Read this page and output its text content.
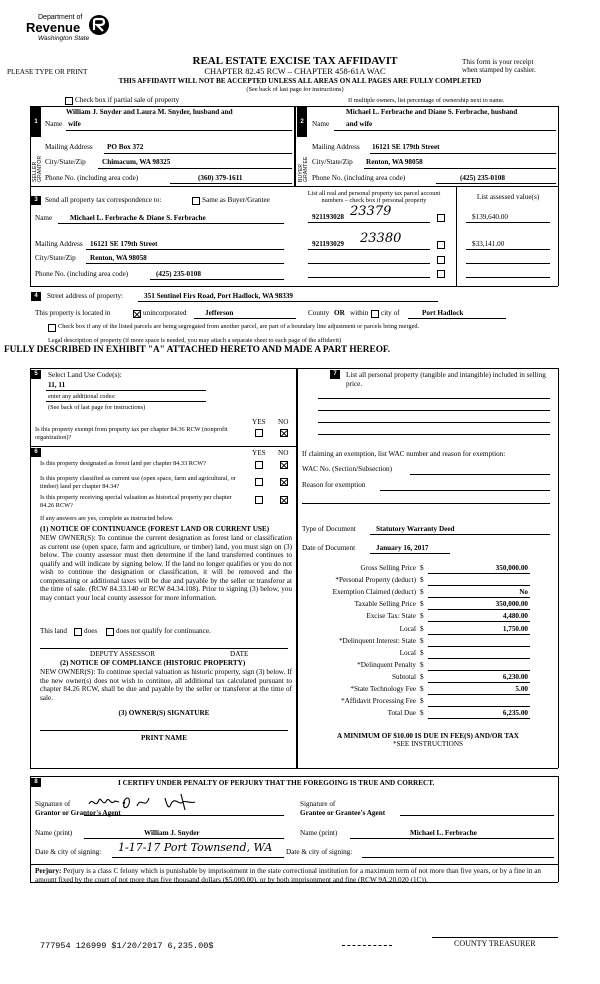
Department of
Revenue
Washington State
PLEASE TYPE OR PRINT
REAL ESTATE EXCISE TAX AFFIDAVIT
CHAPTER 82.45 RCW – CHAPTER 458-61A WAC
THIS AFFIDAVIT WILL NOT BE ACCEPTED UNLESS ALL AREAS ON ALL PAGES ARE FULLY COMPLETED
(See back of last page for instructions)
This form is your receipt
when stamped by cashier.
Check box if partial sale of property	If multiple owners, list percentage of ownership next to name.
1
SELLER GRANTOR
William J. Snyder and Laura M. Snyder, husband and
Name wife
Mailing Address PO Box 372
City/State/Zip Chimacum, WA 98325
Phone No. (including area code)	(360) 379-1611
2
BUYER GRANTEE
Michael L. Ferbrache and Diane S. Ferbrache, husband
Name and wife
Mailing Address 16121 SE 179th Street
City/State/Zip Renton, WA 98058
Phone No. (including area code)	(425) 235-0108
3	Send all property tax correspondence to:	Same as Buyer/Grantee
Name Michael L. Ferbrache & Diane S. Ferbrache
Mailing Address 16121 SE 179th Street
City/State/Zip Renton, WA 98058
Phone No. (including area code)	(425) 235-0108
List all real and personal property tax parcel account
numbers – check box if personal property	List assessed value(s)
921193028 23379	$139,640.00
921193029 23380	$33,141.00
4	Street address of property:	351 Sentinel Firs Road, Port Hadlock, WA 98339
This property is located in	unincorporated	Jefferson	County OR within city of	Port Hadlock
Check box if any of the listed parcels are being segregated from another parcel, are part of a boundary line adjustment or parcels being merged.
Legal description of property (if more space is needed, you may attach a separate sheet to each page of the affidavit)
FULLY DESCRIBED IN EXHIBIT "A" ATTACHED HERETO AND MADE A PART HEREOF.
5	Select Land Use Code(s):
11, 11
enter any additional codes:
(See back of last page for instructions)
YES NO
Is this property exempt from property tax per chapter 84.36 RCW (nonprofit organization)?
6	YES NO
Is this property designated as forest land per chapter 84.33 RCW?
Is this property classified as current use (open space, farm and agricultural, or timber) land per chapter 84.34?
Is this property receiving special valuation as historical property per chapter 84.26 RCW?
If any answers are yes, complete as instructed below.
(1) NOTICE OF CONTINUANCE (FOREST LAND OR CURRENT USE)
NEW OWNER(S): To continue the current designation as forest land or classification as current use (open space, farm and agriculture, or timber) land, you must sign on (3) below. The county assessor must then determine if the land transferred continues to qualify and will indicate by signing below. If the land no longer qualifies or you do not wish to continue the designation or classification, it will be removed and the compensating or additional taxes will be due and payable by the seller or transferor at the time of sale. (RCW 84.33.140 or RCW 84.34.108). Prior to signing (3) below, you may contact your local county assessor for more information.
This land does	does not qualify for continuance.
DEPUTY ASSESSOR	DATE
(2) NOTICE OF COMPLIANCE (HISTORIC PROPERTY)
NEW OWNER(S): To continue special valuation as historic property, sign (3) below. If the new owner(s) does not wish to continue, all additional tax calculated pursuant to chapter 84.26 RCW, shall be due and payable by the seller or transferor at the time of sale.
(3) OWNER(S) SIGNATURE
PRINT NAME
7	List all personal property (tangible and intangible) included in selling price.
If claiming an exemption, list WAC number and reason for exemption:
WAC No. (Section/Subsection)
Reason for exemption
Type of Document	Statutory Warranty Deed
Date of Document	January 16, 2017
Gross Selling Price $	350,000.00
*Personal Property (deduct) $
Exemption Claimed (deduct) $	No
Taxable Selling Price $	350,000.00
Excise Tax: State $	4,480.00
Local $	1,750.00
*Delinquent Interest: State $
Local $
*Delinquent Penalty $
Subtotal $	6,230.00
*State Technology Fee $	5.00
*Affidavit Processing Fee $
Total Due $	6,235.00
A MINIMUM OF $10.00 IS DUE IN FEE(S) AND/OR TAX
*SEE INSTRUCTIONS
8	I CERTIFY UNDER PENALTY OF PERJURY THAT THE FOREGOING IS TRUE AND CORRECT.
Signature of
Grantor or Grantor's Agent
Signature of
Grantee or Grantee's Agent
Name (print)	William J. Snyder	Name (print)	Michael L. Ferbrache
Date & city of signing: 1-17-17 Port Townsend, WA Date & city of signing:
Perjury: Perjury is a class C felony which is punishable by imprisonment in the state correctional institution for a maximum term of not more than five years, or by a fine in an amount fixed by the court of not more than five thousand dollars ($5,000.00), or by both imprisonment and fine (RCW 9A.20.020 (1C)).
777954 126999 $1/20/2017 6,235.00$	COUNTY TREASURER
